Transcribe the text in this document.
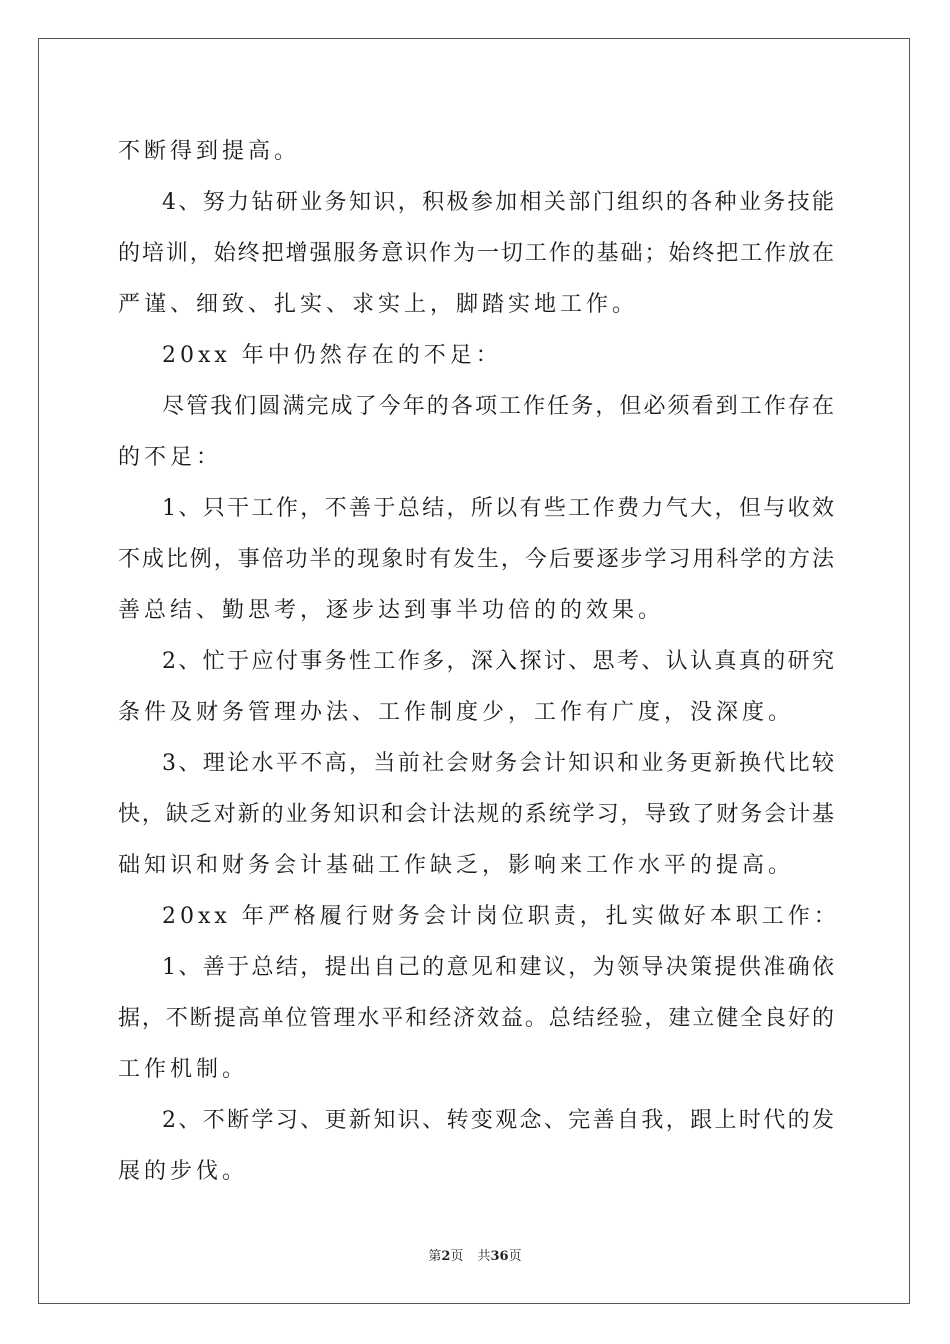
不断得到提高。
4、努力钻研业务知识，积极参加相关部门组织的各种业务技能
的培训，始终把增强服务意识作为一切工作的基础；始终把工作放在
严谨、细致、扎实、求实上，脚踏实地工作。
20xx 年中仍然存在的不足：
尽管我们圆满完成了今年的各项工作任务，但必须看到工作存在
的不足：
1、只干工作，不善于总结，所以有些工作费力气大，但与收效
不成比例，事倍功半的现象时有发生，今后要逐步学习用科学的方法
善总结、勤思考，逐步达到事半功倍的的效果。
2、忙于应付事务性工作多，深入探讨、思考、认认真真的研究
条件及财务管理办法、工作制度少，工作有广度，没深度。
3、理论水平不高，当前社会财务会计知识和业务更新换代比较
快，缺乏对新的业务知识和会计法规的系统学习，导致了财务会计基
础知识和财务会计基础工作缺乏，影响来工作水平的提高。
20xx 年严格履行财务会计岗位职责，扎实做好本职工作：
1、善于总结，提出自己的意见和建议，为领导决策提供准确依
据，不断提高单位管理水平和经济效益。总结经验，建立健全良好的
工作机制。
2、不断学习、更新知识、转变观念、完善自我，跟上时代的发
展的步伐。
第2页 共36页
